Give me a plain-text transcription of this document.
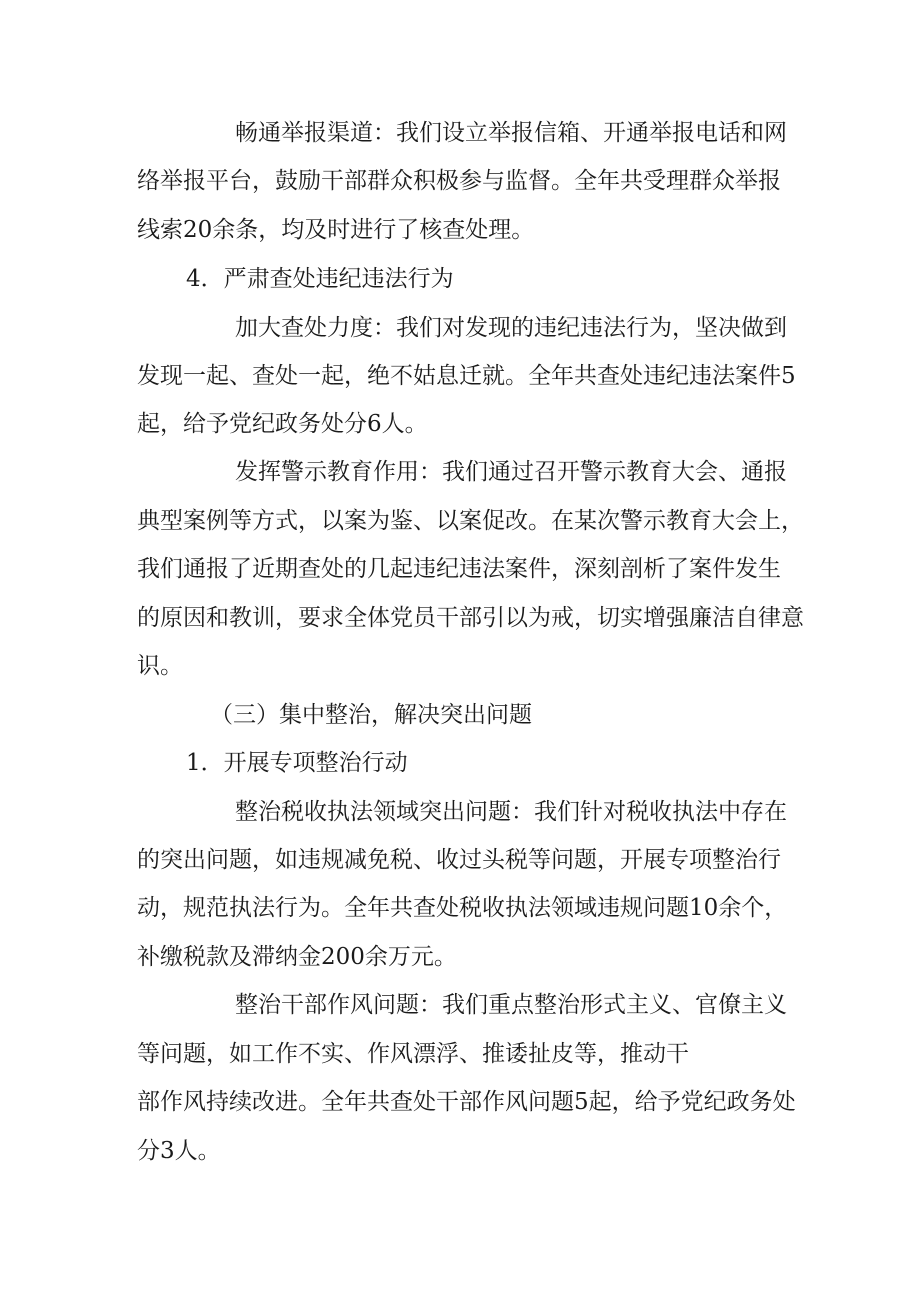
畅通举报渠道：我们设立举报信箱、开通举报电话和网
络举报平台，鼓励干部群众积极参与监督。全年共受理群众举报
线索20余条，均及时进行了核查处理。
4．严肃查处违纪违法行为
加大查处力度：我们对发现的违纪违法行为，坚决做到
发现一起、查处一起，绝不姑息迁就。全年共查处违纪违法案件5
起，给予党纪政务处分6人。
发挥警示教育作用：我们通过召开警示教育大会、通报
典型案例等方式，以案为鉴、以案促改。在某次警示教育大会上，
我们通报了近期查处的几起违纪违法案件，深刻剖析了案件发生
的原因和教训，要求全体党员干部引以为戒，切实增强廉洁自律意
识。
（三）集中整治，解决突出问题
1．开展专项整治行动
整治税收执法领域突出问题：我们针对税收执法中存在
的突出问题，如违规减免税、收过头税等问题，开展专项整治行
动，规范执法行为。全年共查处税收执法领域违规问题10余个，
补缴税款及滞纳金200余万元。
整治干部作风问题：我们重点整治形式主义、官僚主义
等问题，如工作不实、作风漂浮、推诿扯皮等，推动干
部作风持续改进。全年共查处干部作风问题5起，给予党纪政务处
分3人。
